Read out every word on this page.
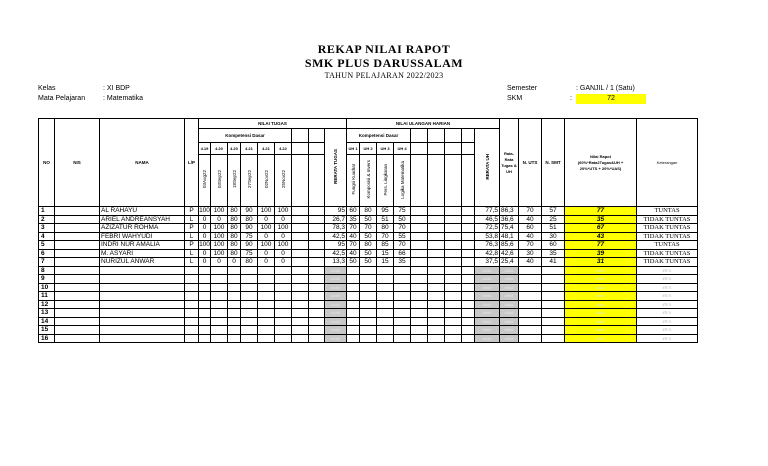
REKAP NILAI RAPOT
SMK PLUS DARUSSALAM
TAHUN PELAJARAN 2022/2023
Kelas	: XI BDP
Mata Pelajaran	: Matematika
Semester	: GANJIL / 1 (Satu)
SKM	:	72
NO	NIS	NAMA	L/P	NILAI TUGAS									NILAI ULANGAN HARIAN									Rata-Rata Tugas & UH	N. UTS	N. SMT	Nilai Rapot (60%*Rata2Tugas&UH + 20%*UTS + 20%*UAS)	Keterangan
				Kompetensi Dasar								RERATA TUGAS	Kompetensi Dasar								RERATA UH					
				4.19	4.20	4.20	4.21	4.21	4.22				UH 1	UH 2	UH 3	UH 4										
				03Aug22	03Sep22	18Sep22	27Sep22	02Nov22	25Nov22				Fungsi Kuadrat	Komposisi & Invers	Pers. Lingkaran	Logika Matematika										
1		AL RAHAYU	P	100	100	80	90	100	100			95	60	80	95	75					77,5	86,3	70	57	77	TUNTAS
2		ARIEL ANDREANSYAH	L	0	0	80	80	0	0			26,7	35	50	51	50					46,5	36,6	40	25	35	TIDAK TUNTAS
3		AZIZATUR ROHMA	P	0	100	80	90	100	100			78,3	70	70	80	70					72,5	75,4	60	51	67	TIDAK TUNTAS
4		FEBRI WAHYUDI	L	0	100	80	75	0	0			42,5	40	50	70	55					53,8	48,1	40	30	43	TIDAK TUNTAS
5		INDRI NUR AMALIA	P	100	100	80	90	100	100			95	70	80	85	70					76,3	85,6	70	60	77	TUNTAS
6		M. ASYARI	L	0	100	80	75	0	0			42,5	40	50	15	66					42,8	42,6	30	35	39	TIDAK TUNTAS
7		NURIZUL ANWAR	L	0	0	0	80	0	0			13,3	50	50	15	35					37,5	25,4	40	41	31	TIDAK TUNTAS
8												####									####	####			####	#N/A
9												####									####	####			####	#N/A
10												####									####	####			####	#N/A
11												####									####	####			####	#N/A
12												####									####	####			####	#N/A
13												####									####	####			####	#N/A
14												####									####	####			####	#N/A
15												####									####	####			####	#N/A
16												####									####	####			####	#N/A
